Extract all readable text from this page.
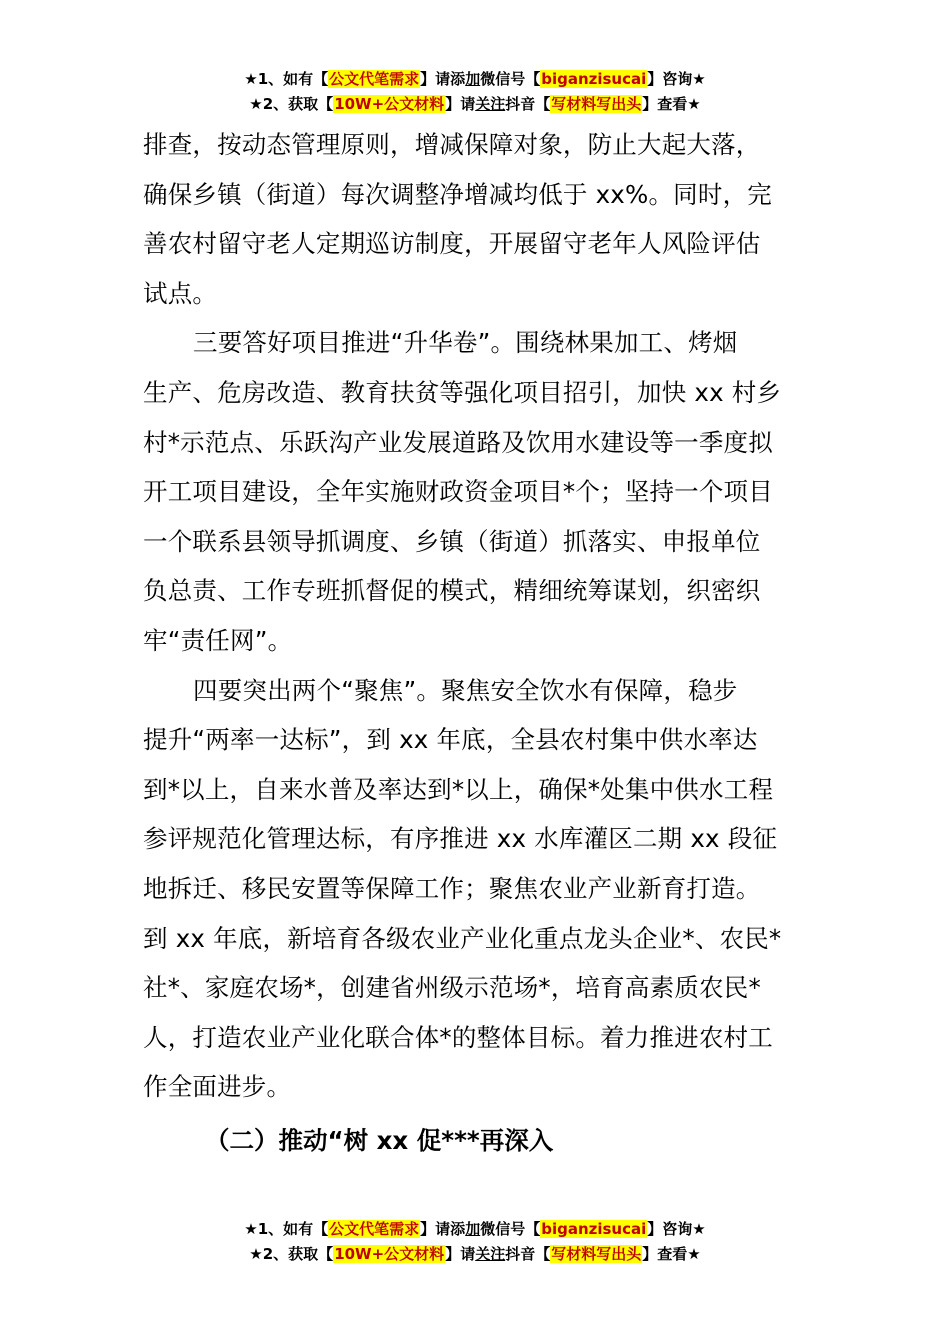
★1、如有【公文代笔需求】请添加微信号【biganzisucai】咨询★
★2、获取【10W+公文材料】请关注抖音【写材料写出头】查看★
排查，按动态管理原则，增减保障对象，防止大起大落，
确保乡镇（街道）每次调整净增减均低于 xx%。同时，完
善农村留守老人定期巡访制度，开展留守老年人风险评估
试点。
三要答好项目推进“升华卷”。围绕林果加工、烤烟
生产、危房改造、教育扶贫等强化项目招引，加快 xx 村乡
村*示范点、乐跃沟产业发展道路及饮用水建设等一季度拟
开工项目建设，全年实施财政资金项目*个；坚持一个项目
一个联系县领导抓调度、乡镇（街道）抓落实、申报单位
负总责、工作专班抓督促的模式，精细统筹谋划，织密织
牢“责任网”。
四要突出两个“聚焦”。聚焦安全饮水有保障，稳步
提升“两率一达标”，到 xx 年底，全县农村集中供水率达
到*以上，自来水普及率达到*以上，确保*处集中供水工程
参评规范化管理达标，有序推进 xx 水库灌区二期 xx 段征
地拆迁、移民安置等保障工作；聚焦农业产业新育打造。
到 xx 年底，新培育各级农业产业化重点龙头企业*、农民*
社*、家庭农场*，创建省州级示范场*，培育高素质农民*
人，打造农业产业化联合体*的整体目标。着力推进农村工
作全面进步。
（二）推动“树 xx 促***再深入
★1、如有【公文代笔需求】请添加微信号【biganzisucai】咨询★
★2、获取【10W+公文材料】请关注抖音【写材料写出头】查看★
